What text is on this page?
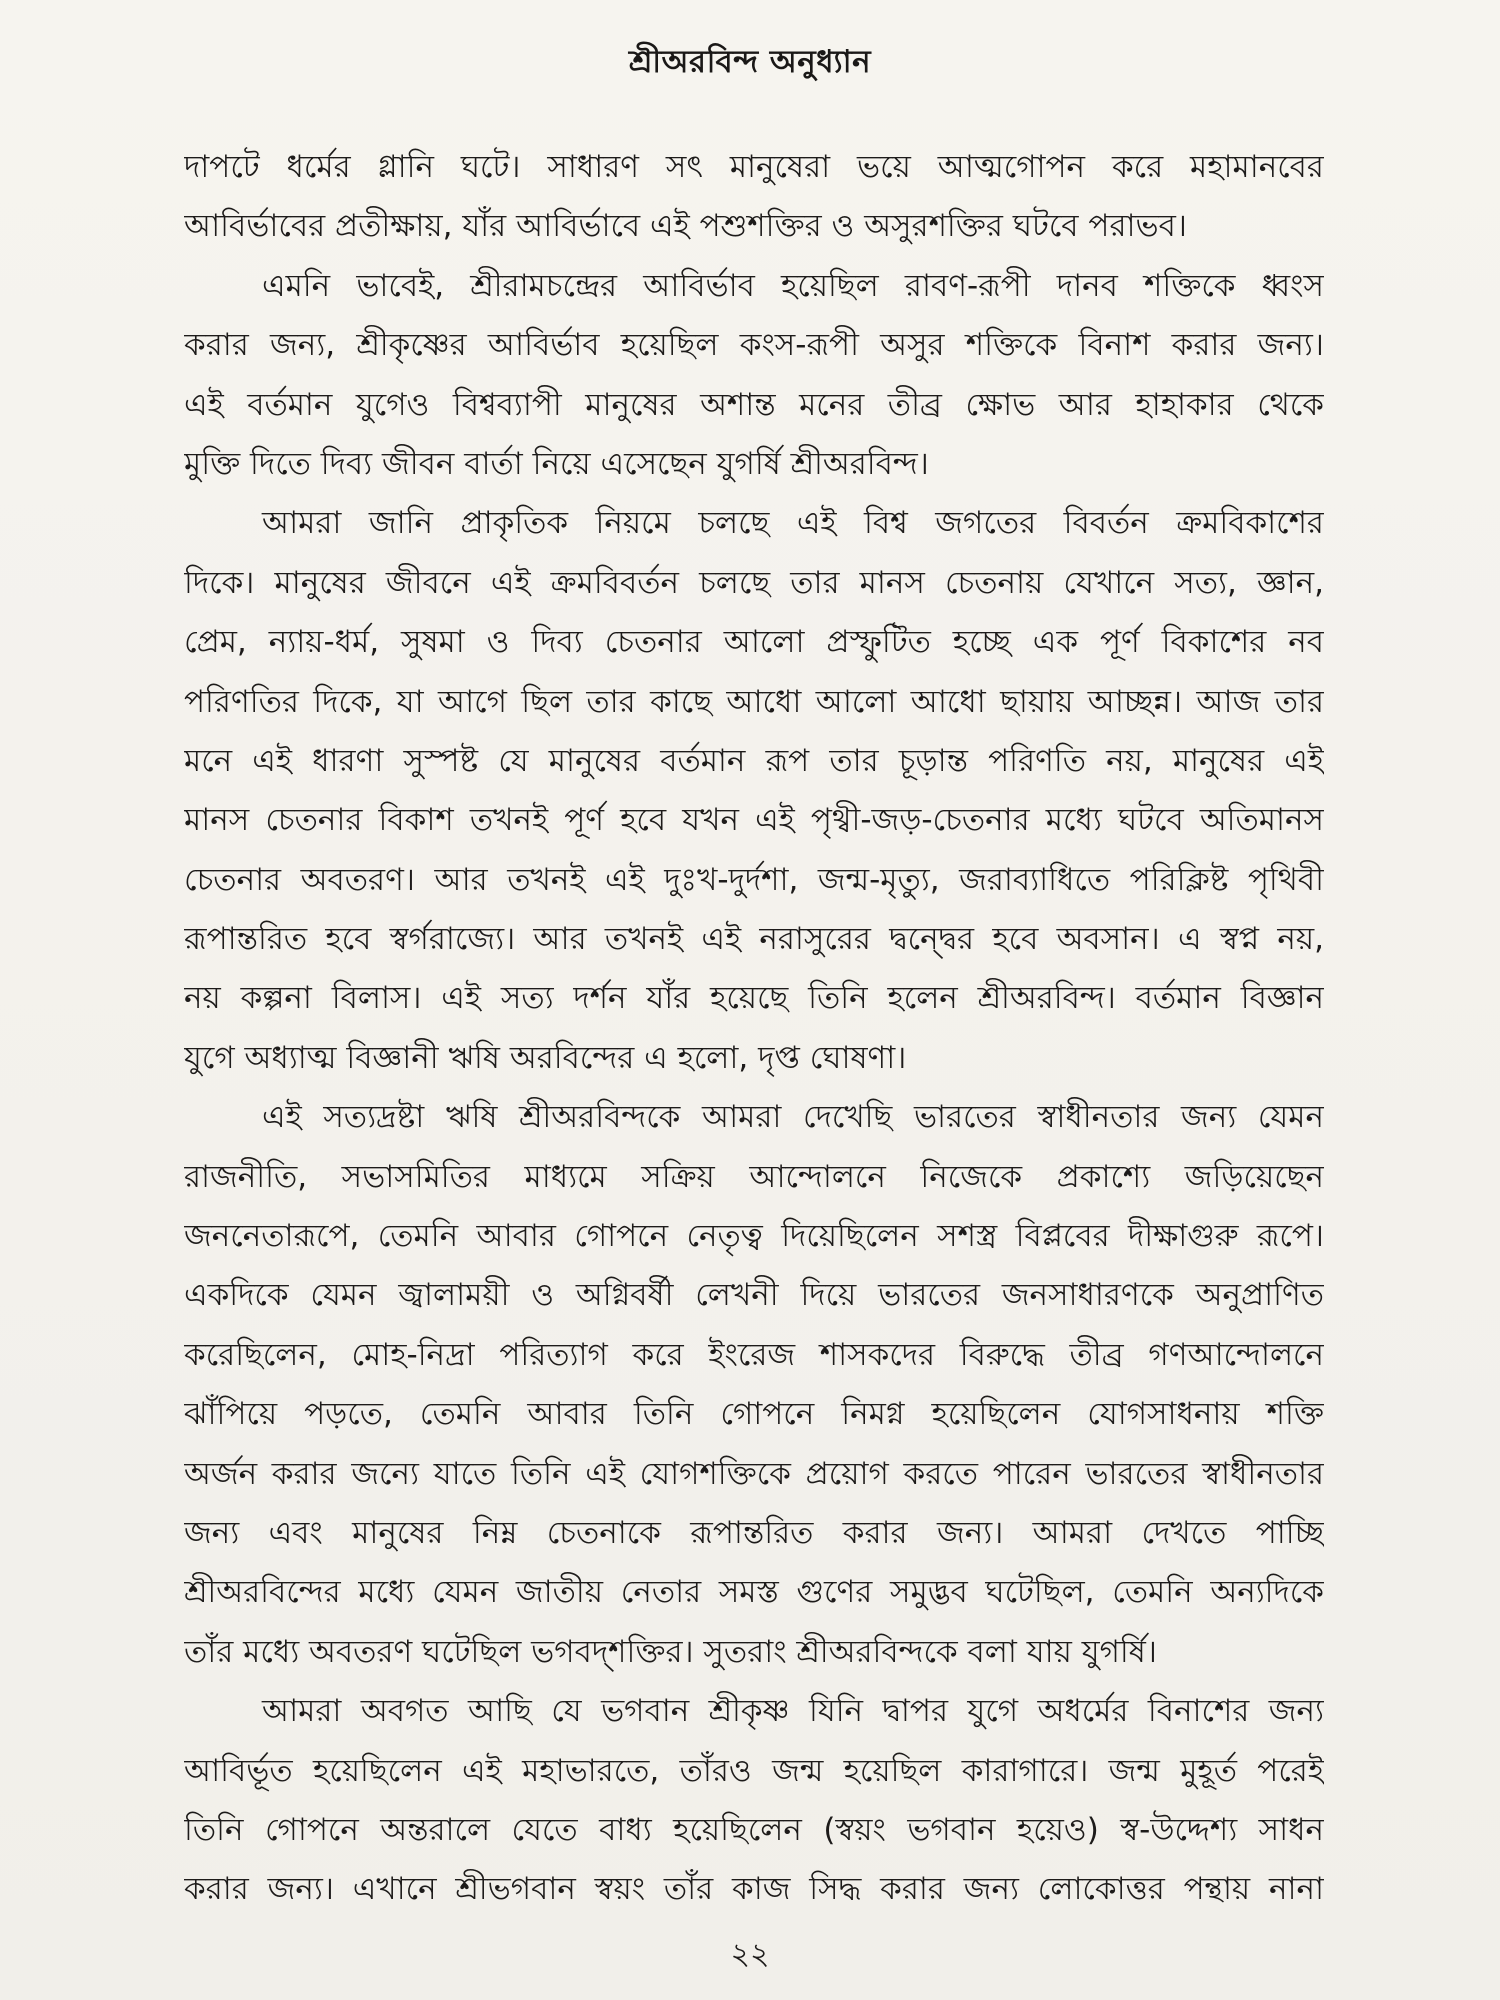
শ্রীঅরবিন্দ অনুধ্যান
দাপটে ধর্মের গ্লানি ঘটে। সাধারণ সৎ মানুষেরা ভয়ে আত্মগোপন করে মহামানবের
আবির্ভাবের প্রতীক্ষায়, যাঁর আবির্ভাবে এই পশুশক্তির ও অসুরশক্তির ঘটবে পরাভব।
এমনি ভাবেই, শ্রীরামচন্দ্রের আবির্ভাব হয়েছিল রাবণ-রূপী দানব শক্তিকে ধ্বংস
করার জন্য, শ্রীকৃষ্ণের আবির্ভাব হয়েছিল কংস-রূপী অসুর শক্তিকে বিনাশ করার জন্য।
এই বর্তমান যুগেও বিশ্বব্যাপী মানুষের অশান্ত মনের তীব্র ক্ষোভ আর হাহাকার থেকে
মুক্তি দিতে দিব্য জীবন বার্তা নিয়ে এসেছেন যুগর্ষি শ্রীঅরবিন্দ।
আমরা জানি প্রাকৃতিক নিয়মে চলছে এই বিশ্ব জগতের বিবর্তন ক্রমবিকাশের
দিকে। মানুষের জীবনে এই ক্রমবিবর্তন চলছে তার মানস চেতনায় যেখানে সত্য, জ্ঞান,
প্রেম, ন্যায়-ধর্ম, সুষমা ও দিব্য চেতনার আলো প্রস্ফুটিত হচ্ছে এক পূর্ণ বিকাশের নব
পরিণতির দিকে, যা আগে ছিল তার কাছে আধো আলো আধো ছায়ায় আচ্ছন্ন। আজ তার
মনে এই ধারণা সুস্পষ্ট যে মানুষের বর্তমান রূপ তার চূড়ান্ত পরিণতি নয়, মানুষের এই
মানস চেতনার বিকাশ তখনই পূর্ণ হবে যখন এই পৃথ্বী-জড়-চেতনার মধ্যে ঘটবে অতিমানস
চেতনার অবতরণ। আর তখনই এই দুঃখ-দুর্দশা, জন্ম-মৃত্যু, জরাব্যাধিতে পরিক্লিষ্ট পৃথিবী
রূপান্তরিত হবে স্বর্গরাজ্যে। আর তখনই এই নরাসুরের দ্বন্দ্বের হবে অবসান। এ স্বপ্ন নয়,
নয় কল্পনা বিলাস। এই সত্য দর্শন যাঁর হয়েছে তিনি হলেন শ্রীঅরবিন্দ। বর্তমান বিজ্ঞান
যুগে অধ্যাত্ম বিজ্ঞানী ঋষি অরবিন্দের এ হলো, দৃপ্ত ঘোষণা।
এই সত্যদ্রষ্টা ঋষি শ্রীঅরবিন্দকে আমরা দেখেছি ভারতের স্বাধীনতার জন্য যেমন
রাজনীতি, সভাসমিতির মাধ্যমে সক্রিয় আন্দোলনে নিজেকে প্রকাশ্যে জড়িয়েছেন
জননেতারূপে, তেমনি আবার গোপনে নেতৃত্ব দিয়েছিলেন সশস্ত্র বিপ্লবের দীক্ষাগুরু রূপে।
একদিকে যেমন জ্বালাময়ী ও অগ্নিবর্ষী লেখনী দিয়ে ভারতের জনসাধারণকে অনুপ্রাণিত
করেছিলেন, মোহ-নিদ্রা পরিত্যাগ করে ইংরেজ শাসকদের বিরুদ্ধে তীব্র গণআন্দোলনে
ঝাঁপিয়ে পড়তে, তেমনি আবার তিনি গোপনে নিমগ্ন হয়েছিলেন যোগসাধনায় শক্তি
অর্জন করার জন্যে যাতে তিনি এই যোগশক্তিকে প্রয়োগ করতে পারেন ভারতের স্বাধীনতার
জন্য এবং মানুষের নিম্ন চেতনাকে রূপান্তরিত করার জন্য। আমরা দেখতে পাচ্ছি
শ্রীঅরবিন্দের মধ্যে যেমন জাতীয় নেতার সমস্ত গুণের সমুদ্ভব ঘটেছিল, তেমনি অন্যদিকে
তাঁর মধ্যে অবতরণ ঘটেছিল ভগবদ্‌শক্তির। সুতরাং শ্রীঅরবিন্দকে বলা যায় যুগর্ষি।
আমরা অবগত আছি যে ভগবান শ্রীকৃষ্ণ যিনি দ্বাপর যুগে অধর্মের বিনাশের জন্য
আবির্ভূত হয়েছিলেন এই মহাভারতে, তাঁরও জন্ম হয়েছিল কারাগারে। জন্ম মুহূর্ত পরেই
তিনি গোপনে অন্তরালে যেতে বাধ্য হয়েছিলেন (স্বয়ং ভগবান হয়েও) স্ব-উদ্দেশ্য সাধন
করার জন্য। এখানে শ্রীভগবান স্বয়ং তাঁর কাজ সিদ্ধ করার জন্য লোকোত্তর পন্থায় নানা
২২
